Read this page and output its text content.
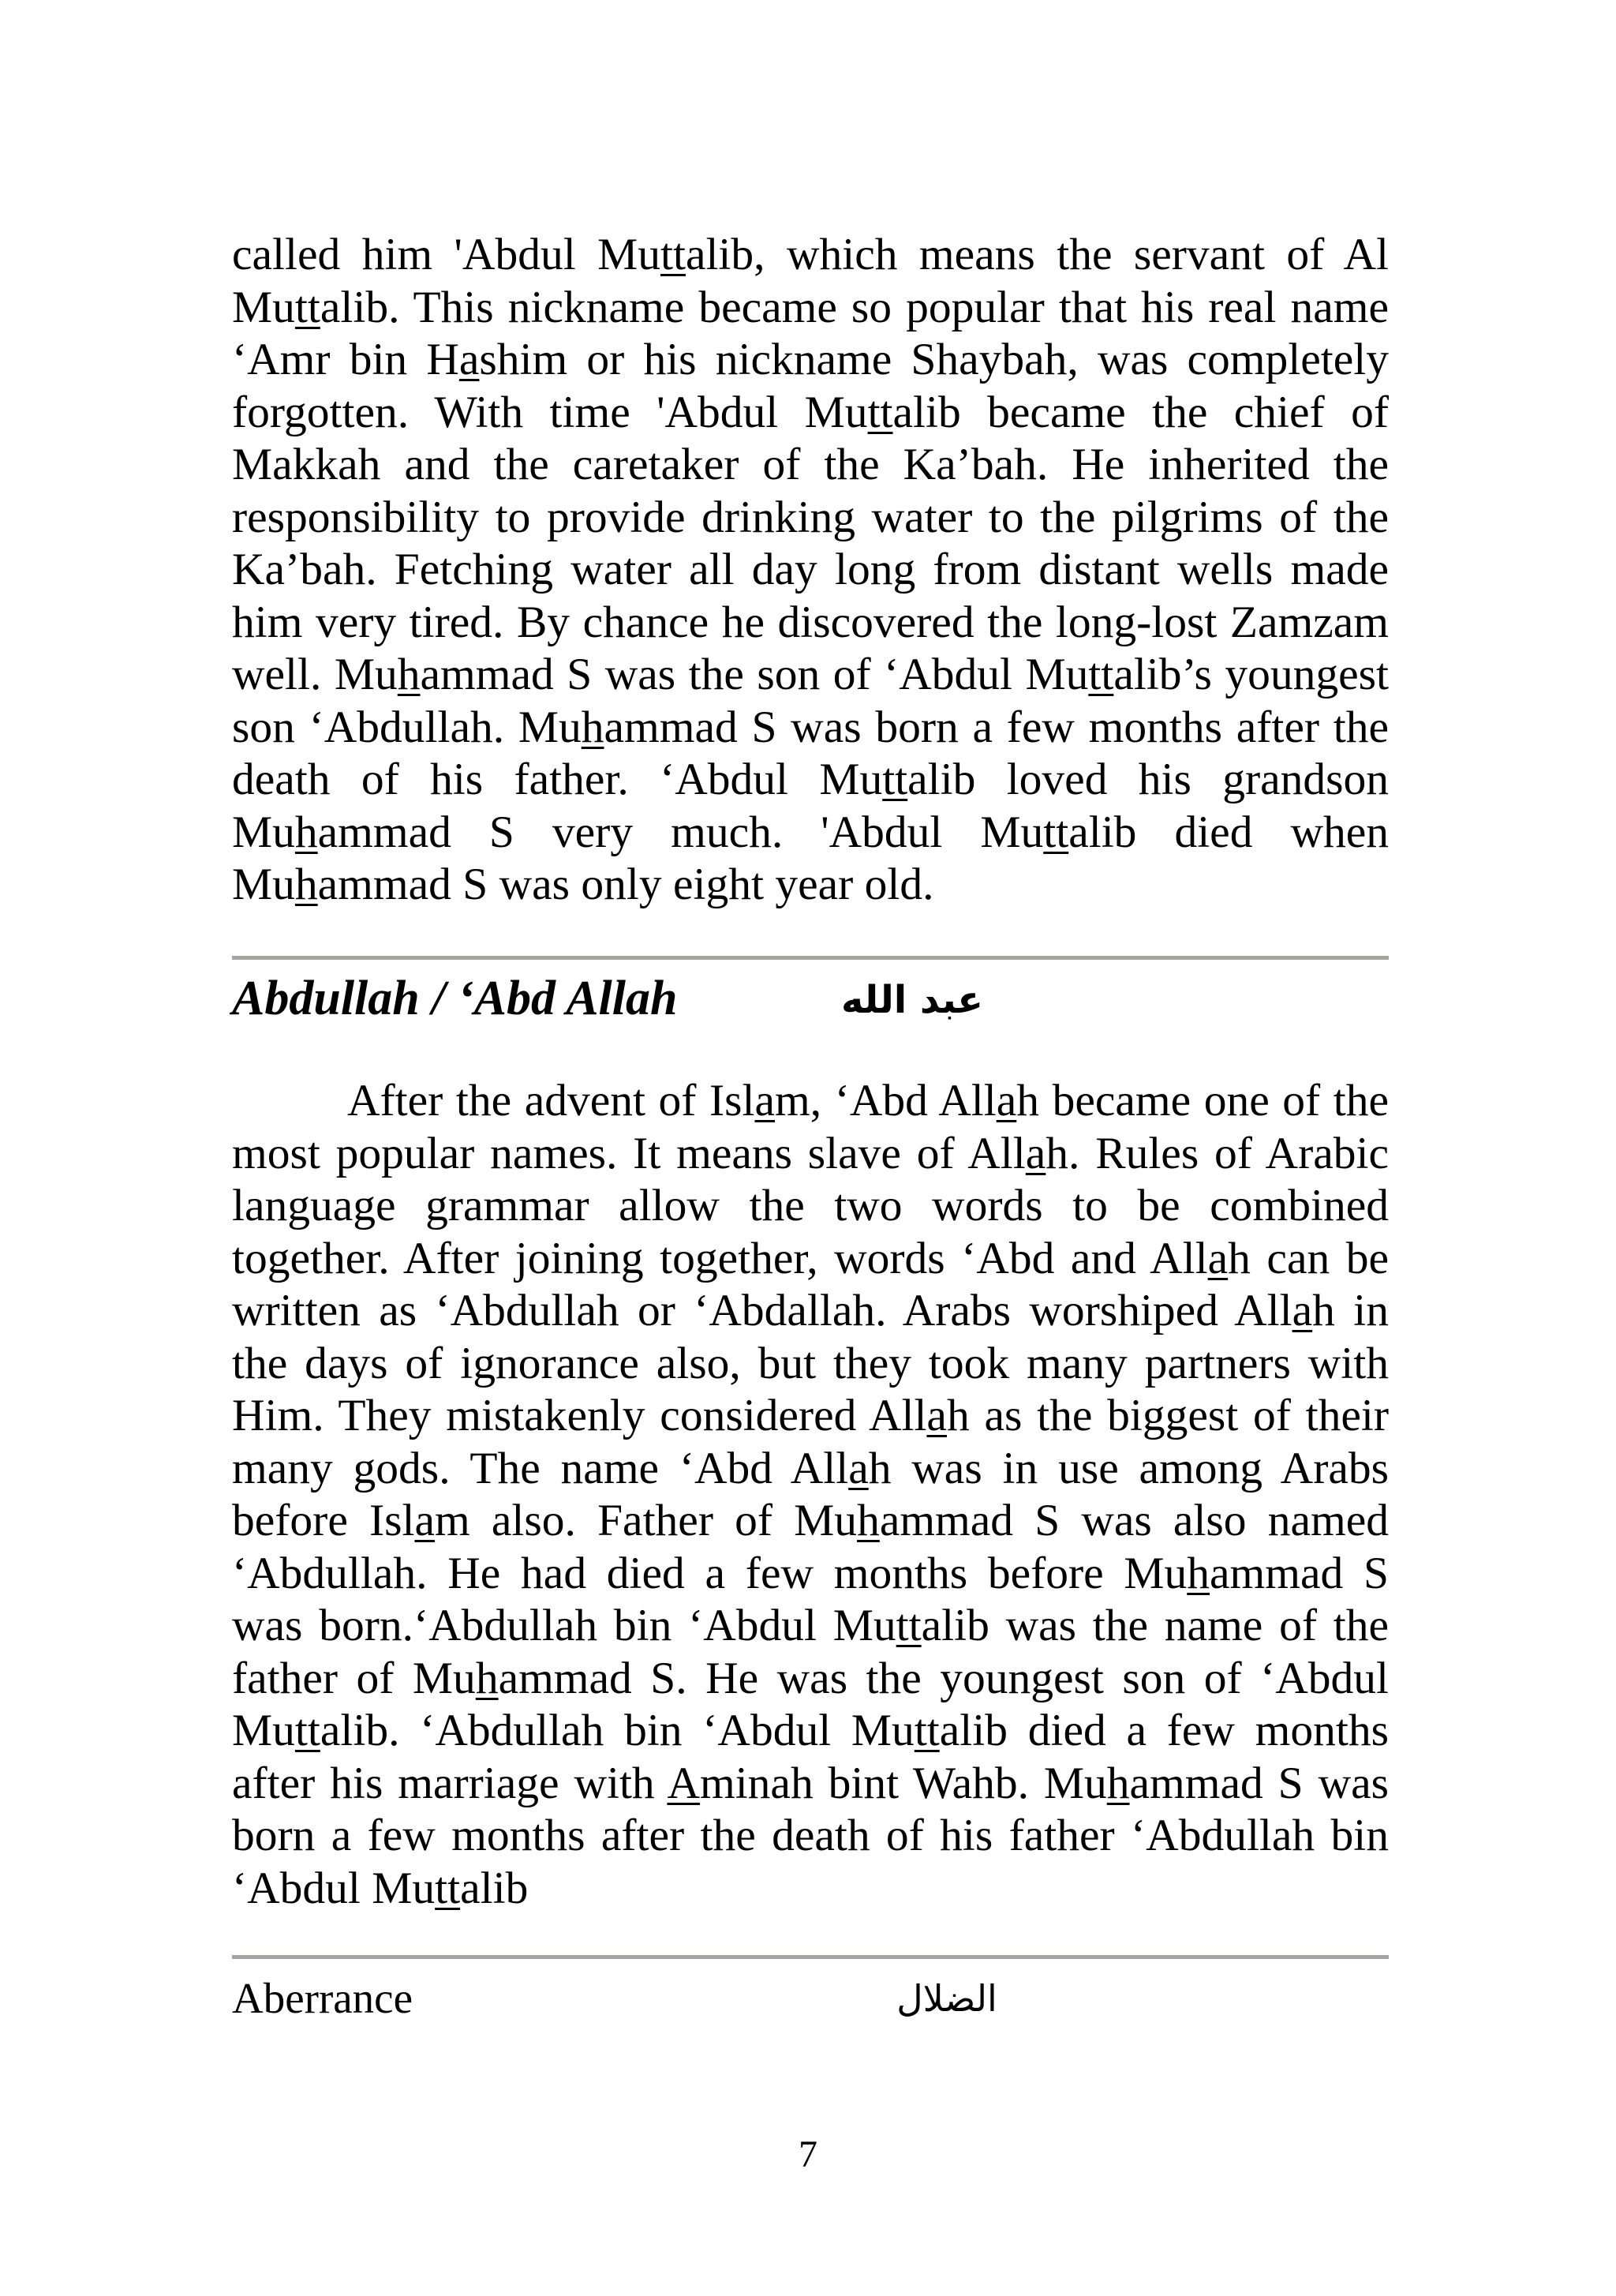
called him 'Abdul Muttalib, which means the servant of Al Muttalib. This nickname became so popular that his real name ‘Amr bin Hashim or his nickname Shaybah, was completely forgotten. With time 'Abdul Muttalib became the chief of Makkah and the caretaker of the Ka’bah. He inherited the responsibility to provide drinking water to the pilgrims of the Ka’bah. Fetching water all day long from distant wells made him very tired. By chance he discovered the long-lost Zamzam well. Muhammad S was the son of ‘Abdul Muttalib’s youngest son ‘Abdullah. Muhammad S was born a few months after the death of his father. ‘Abdul Muttalib loved his grandson Muhammad S very much. 'Abdul Muttalib died when Muhammad S was only eight year old.

Abdullah / ‘Abd Allah	عبد الله

After the advent of Islam, ‘Abd Allah became one of the most popular names. It means slave of Allah. Rules of Arabic language grammar allow the two words to be combined together. After joining together, words ‘Abd and Allah can be written as ‘Abdullah or ‘Abdallah. Arabs worshiped Allah in the days of ignorance also, but they took many partners with Him. They mistakenly considered Allah as the biggest of their many gods. The name ‘Abd Allah was in use among Arabs before Islam also. Father of Muhammad S was also named ‘Abdullah. He had died a few months before Muhammad S was born.‘Abdullah bin ‘Abdul Muttalib was the name of the father of Muhammad S. He was the youngest son of ‘Abdul Muttalib. ‘Abdullah bin ‘Abdul Muttalib died a few months after his marriage with Aminah bint Wahb. Muhammad S was born a few months after the death of his father ‘Abdullah bin ‘Abdul Muttalib

Aberrance	الضلال
7
